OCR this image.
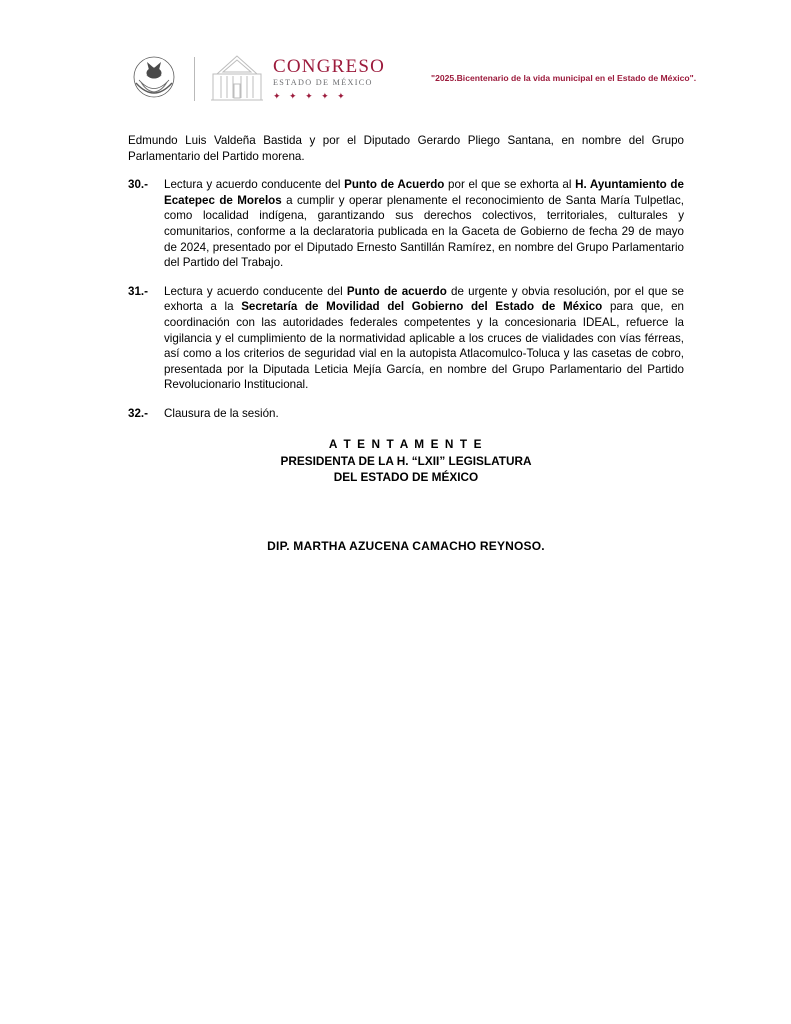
CONGRESO
ESTADO DE MÉXICO
✦ ✦ ✦ ✦ ✦
"2025.Bicentenario de la vida municipal en el Estado de México".

Edmundo Luis Valdeña Bastida y por el Diputado Gerardo Pliego Santana, en nombre del Grupo Parlamentario del Partido morena.

30.-	Lectura y acuerdo conducente del Punto de Acuerdo por el que se exhorta al H. Ayuntamiento de Ecatepec de Morelos a cumplir y operar plenamente el reconocimiento de Santa María Tulpetlac, como localidad indígena, garantizando sus derechos colectivos, territoriales, culturales y comunitarios, conforme a la declaratoria publicada en la Gaceta de Gobierno de fecha 29 de mayo de 2024, presentado por el Diputado Ernesto Santillán Ramírez, en nombre del Grupo Parlamentario del Partido del Trabajo.

31.-	Lectura y acuerdo conducente del Punto de acuerdo de urgente y obvia resolución, por el que se exhorta a la Secretaría de Movilidad del Gobierno del Estado de México para que, en coordinación con las autoridades federales competentes y la concesionaria IDEAL, refuerce la vigilancia y el cumplimiento de la normatividad aplicable a los cruces de vialidades con vías férreas, así como a los criterios de seguridad vial en la autopista Atlacomulco-Toluca y las casetas de cobro, presentada por la Diputada Leticia Mejía García, en nombre del Grupo Parlamentario del Partido Revolucionario Institucional.

32.-	Clausura de la sesión.

A T E N T A M E N T E
PRESIDENTA DE LA H. “LXII” LEGISLATURA
DEL ESTADO DE MÉXICO
DIP. MARTHA AZUCENA CAMACHO REYNOSO.
